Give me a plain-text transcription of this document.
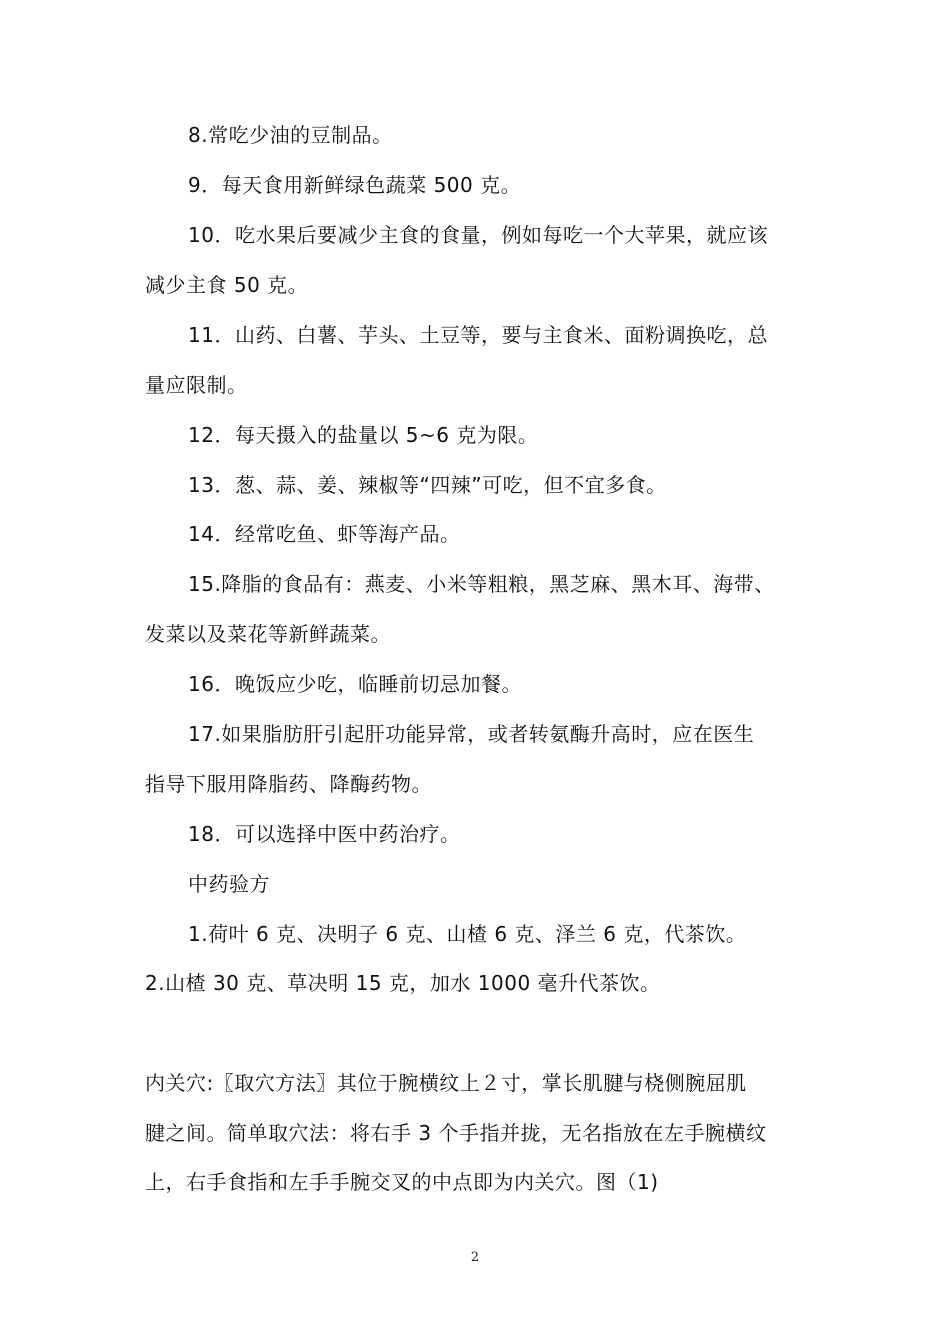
8.常吃少油的豆制品。
9．每天食用新鲜绿色蔬菜 500 克。
10．吃水果后要减少主食的食量，例如每吃一个大苹果，就应该
减少主食 50 克。
11．山药、白薯、芋头、土豆等，要与主食米、面粉调换吃，总
量应限制。
12．每天摄入的盐量以 5~6 克为限。
13．葱、蒜、姜、辣椒等“四辣”可吃，但不宜多食。
14．经常吃鱼、虾等海产品。
15.降脂的食品有：燕麦、小米等粗粮，黑芝麻、黑木耳、海带、
发菜以及菜花等新鲜蔬菜。
16．晚饭应少吃，临睡前切忌加餐。
17.如果脂肪肝引起肝功能异常，或者转氨酶升高时，应在医生
指导下服用降脂药、降酶药物。
18．可以选择中医中药治疗。
中药验方
1.荷叶 6 克、决明子 6 克、山楂 6 克、泽兰 6 克，代茶饮。
2.山楂 30 克、草决明 15 克，加水 1000 毫升代茶饮。
内关穴:〖取穴方法〗其位于腕横纹上２寸，掌长肌腱与桡侧腕屈肌
腱之间。简单取穴法：将右手 3 个手指并拢，无名指放在左手腕横纹
上，右手食指和左手手腕交叉的中点即为内关穴。图（1)
2
